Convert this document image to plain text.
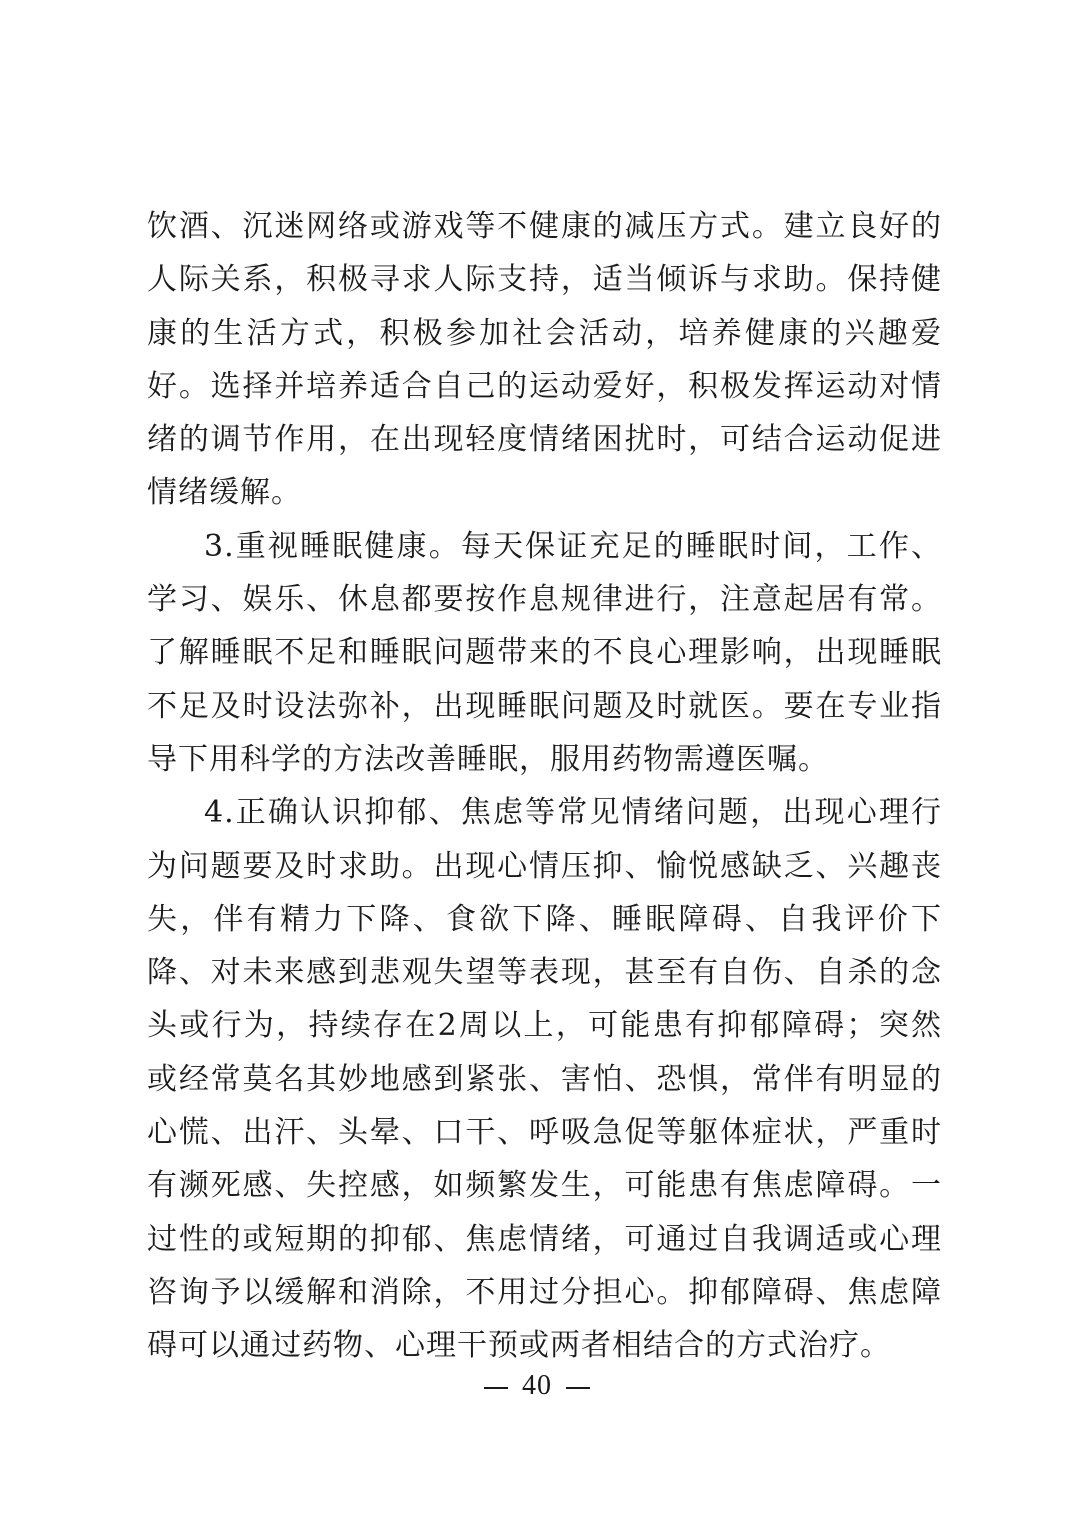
饮酒、沉迷网络或游戏等不健康的减压方式。建立良好的人际关系，积极寻求人际支持，适当倾诉与求助。保持健康的生活方式，积极参加社会活动，培养健康的兴趣爱好。选择并培养适合自己的运动爱好，积极发挥运动对情绪的调节作用，在出现轻度情绪困扰时，可结合运动促进情绪缓解。

3.重视睡眠健康。每天保证充足的睡眠时间，工作、学习、娱乐、休息都要按作息规律进行，注意起居有常。了解睡眠不足和睡眠问题带来的不良心理影响，出现睡眠不足及时设法弥补，出现睡眠问题及时就医。要在专业指导下用科学的方法改善睡眠，服用药物需遵医嘱。

4.正确认识抑郁、焦虑等常见情绪问题，出现心理行为问题要及时求助。出现心情压抑、愉悦感缺乏、兴趣丧失，伴有精力下降、食欲下降、睡眠障碍、自我评价下降、对未来感到悲观失望等表现，甚至有自伤、自杀的念头或行为，持续存在2周以上，可能患有抑郁障碍；突然或经常莫名其妙地感到紧张、害怕、恐惧，常伴有明显的心慌、出汗、头晕、口干、呼吸急促等躯体症状，严重时有濒死感、失控感，如频繁发生，可能患有焦虑障碍。一过性的或短期的抑郁、焦虑情绪，可通过自我调适或心理咨询予以缓解和消除，不用过分担心。抑郁障碍、焦虑障碍可以通过药物、心理干预或两者相结合的方式治疗。

40
